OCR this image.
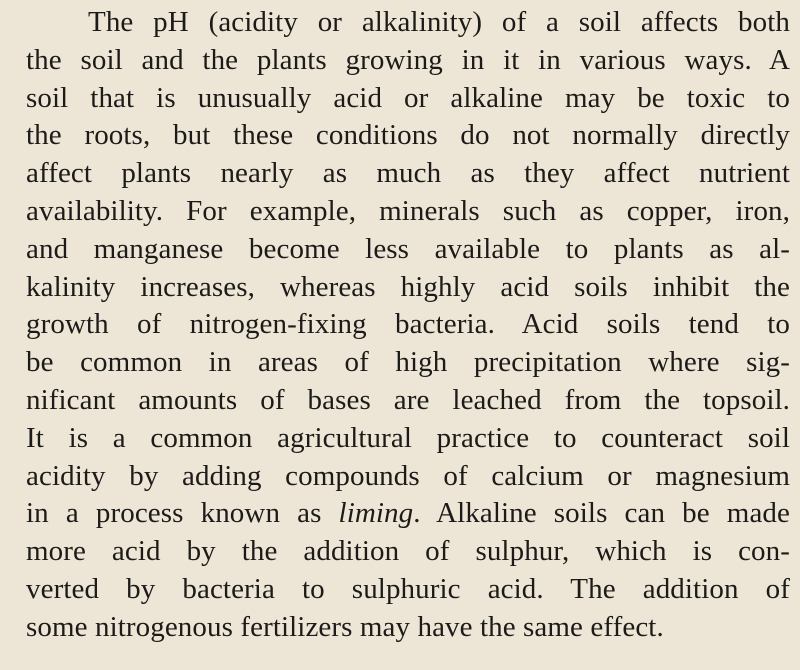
The pH (acidity or alkalinity) of a soil affects both
the soil and the plants growing in it in various ways. A
soil that is unusually acid or alkaline may be toxic to
the roots, but these conditions do not normally directly
affect plants nearly as much as they affect nutrient
availability. For example, minerals such as copper, iron,
and manganese become less available to plants as al-
kalinity increases, whereas highly acid soils inhibit the
growth of nitrogen-fixing bacteria. Acid soils tend to
be common in areas of high precipitation where sig-
nificant amounts of bases are leached from the topsoil.
It is a common agricultural practice to counteract soil
acidity by adding compounds of calcium or magnesium
in a process known as liming. Alkaline soils can be made
more acid by the addition of sulphur, which is con-
verted by bacteria to sulphuric acid. The addition of
some nitrogenous fertilizers may have the same effect.
